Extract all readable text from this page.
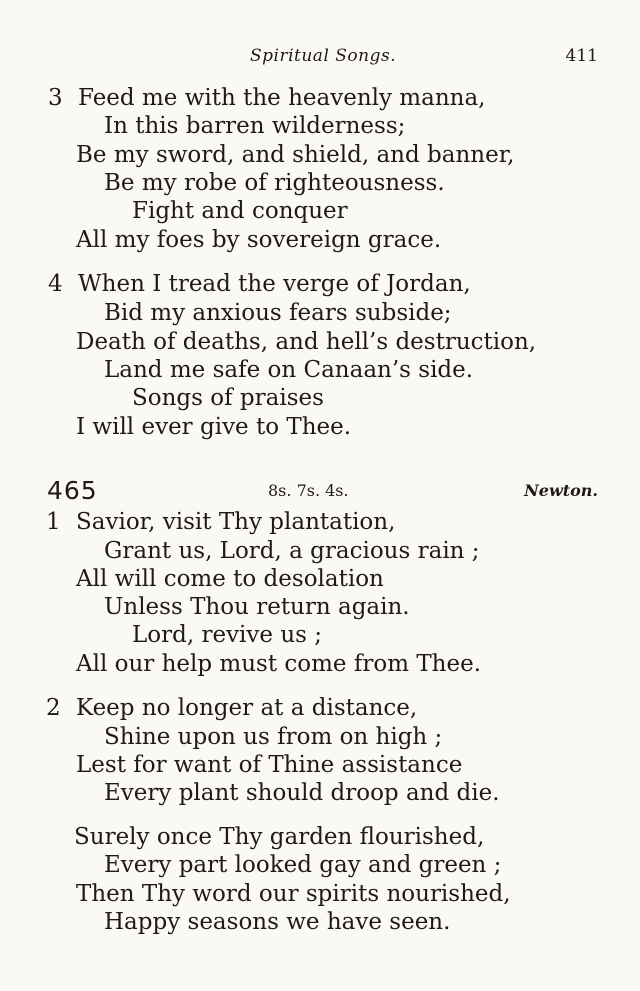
Spiritual Songs.	411
3 Feed me with the heavenly manna,
In this barren wilderness;
Be my sword, and shield, and banner,
Be my robe of righteousness.
Fight and conquer
All my foes by sovereign grace.
4 When I tread the verge of Jordan,
Bid my anxious fears subside;
Death of deaths, and hell’s destruction,
Land me safe on Canaan’s side.
Songs of praises
I will ever give to Thee.
465	8s. 7s. 4s.	Newton.
1 Savior, visit Thy plantation,
Grant us, Lord, a gracious rain ;
All will come to desolation
Unless Thou return again.
Lord, revive us ;
All our help must come from Thee.
2 Keep no longer at a distance,
Shine upon us from on high ;
Lest for want of Thine assistance
Every plant should droop and die.
Surely once Thy garden flourished,
Every part looked gay and green ;
Then Thy word our spirits nourished,
Happy seasons we have seen.
